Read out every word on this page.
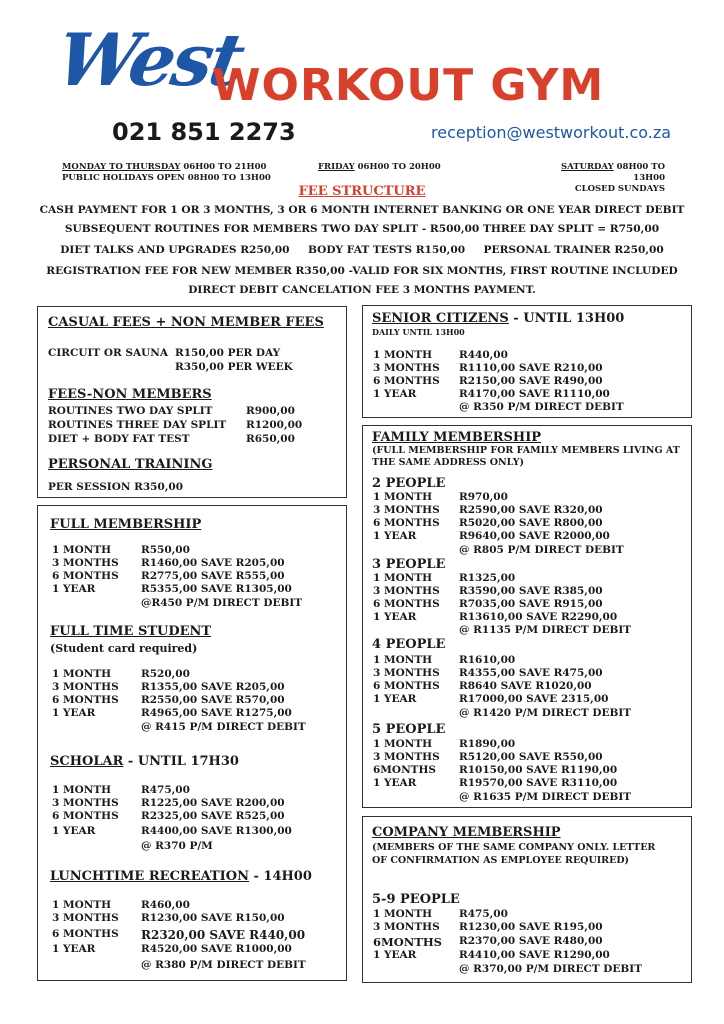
West
WORKOUT GYM
021 851 2273	reception@westworkout.co.za
MONDAY TO THURSDAY 06H00 TO 21H00
PUBLIC HOLIDAYS OPEN 08H00 TO 13H00
FRIDAY 06H00 TO 20H00	SATURDAY 08H00 TO 13H00
CLOSED SUNDAYS
FEE STRUCTURE
CASH PAYMENT FOR 1 OR 3 MONTHS, 3 OR 6 MONTH INTERNET BANKING OR ONE YEAR DIRECT DEBIT
SUBSEQUENT ROUTINES FOR MEMBERS TWO DAY SPLIT - R500,00 THREE DAY SPLIT = R750,00
DIET TALKS AND UPGRADES R250,00     BODY FAT TESTS R150,00     PERSONAL TRAINER R250,00
REGISTRATION FEE FOR NEW MEMBER R350,00 -VALID FOR SIX MONTHS, FIRST ROUTINE INCLUDED
DIRECT DEBIT CANCELATION FEE 3 MONTHS PAYMENT.
CASUAL FEES + NON MEMBER FEES
CIRCUIT OR SAUNA R150,00 PER DAY
R350,00 PER WEEK
FEES-NON MEMBERS
ROUTINES TWO DAY SPLIT	R900,00
ROUTINES THREE DAY SPLIT R1200,00
DIET + BODY FAT TEST	R650,00
PERSONAL TRAINING
PER SESSION R350,00
FULL MEMBERSHIP
1 MONTH	R550,00
3 MONTHS R1460,00 SAVE R205,00
6 MONTHS R2775,00 SAVE R555,00
1 YEAR	R5355,00 SAVE R1305,00
@R450 P/M DIRECT DEBIT
FULL TIME STUDENT
(Student card required)
1 MONTH	R520,00
3 MONTHS R1355,00 SAVE R205,00
6 MONTHS R2550,00 SAVE R570,00
1 YEAR	R4965,00 SAVE R1275,00
@ R415 P/M DIRECT DEBIT
SCHOLAR - UNTIL 17H30
1 MONTH	R475,00
3 MONTHS R1225,00 SAVE R200,00
6 MONTHS R2325,00 SAVE R525,00
1 YEAR	R4400,00 SAVE R1300,00
@ R370 P/M
LUNCHTIME RECREATION - 14H00
1 MONTH	R460,00
3 MONTHS R1230,00 SAVE R150,00
6 MONTHS R2320,00 SAVE R440,00
1 YEAR	R4520,00 SAVE R1000,00
@ R380 P/M DIRECT DEBIT
SENIOR CITIZENS - UNTIL 13H00
DAILY UNTIL 13H00
1 MONTH	R440,00
3 MONTHS R1110,00 SAVE R210,00
6 MONTHS R2150,00 SAVE R490,00
1 YEAR	R4170,00 SAVE R1110,00
@ R350 P/M DIRECT DEBIT
FAMILY MEMBERSHIP
(FULL MEMBERSHIP FOR FAMILY MEMBERS LIVING AT THE SAME ADDRESS ONLY)
2 PEOPLE
1 MONTH	R970,00
3 MONTHS R2590,00 SAVE R320,00
6 MONTHS R5020,00 SAVE R800,00
1 YEAR	R9640,00 SAVE R2000,00
@ R805 P/M DIRECT DEBIT
3 PEOPLE
1 MONTH	R1325,00
3 MONTHS R3590,00 SAVE R385,00
6 MONTHS R7035,00 SAVE R915,00
1 YEAR	R13610,00 SAVE R2290,00
@ R1135 P/M DIRECT DEBIT
4 PEOPLE
1 MONTH	R1610,00
3 MONTHS R4355,00 SAVE R475,00
6 MONTHS R8640 SAVE R1020,00
1 YEAR	R17000,00 SAVE 2315,00
@ R1420 P/M DIRECT DEBIT
5 PEOPLE
1 MONTH	R1890,00
3 MONTHS R5120,00 SAVE R550,00
6MONTHS R10150,00 SAVE R1190,00
1 YEAR	R19570,00 SAVE R3110,00
@ R1635 P/M DIRECT DEBIT
COMPANY MEMBERSHIP
(MEMBERS OF THE SAME COMPANY ONLY. LETTER OF CONFIRMATION AS EMPLOYEE REQUIRED)
5-9 PEOPLE
1 MONTH	R475,00
3 MONTHS R1230,00 SAVE R195,00
6MONTHS R2370,00 SAVE R480,00
1 YEAR	R4410,00 SAVE R1290,00
@ R370,00 P/M DIRECT DEBIT
